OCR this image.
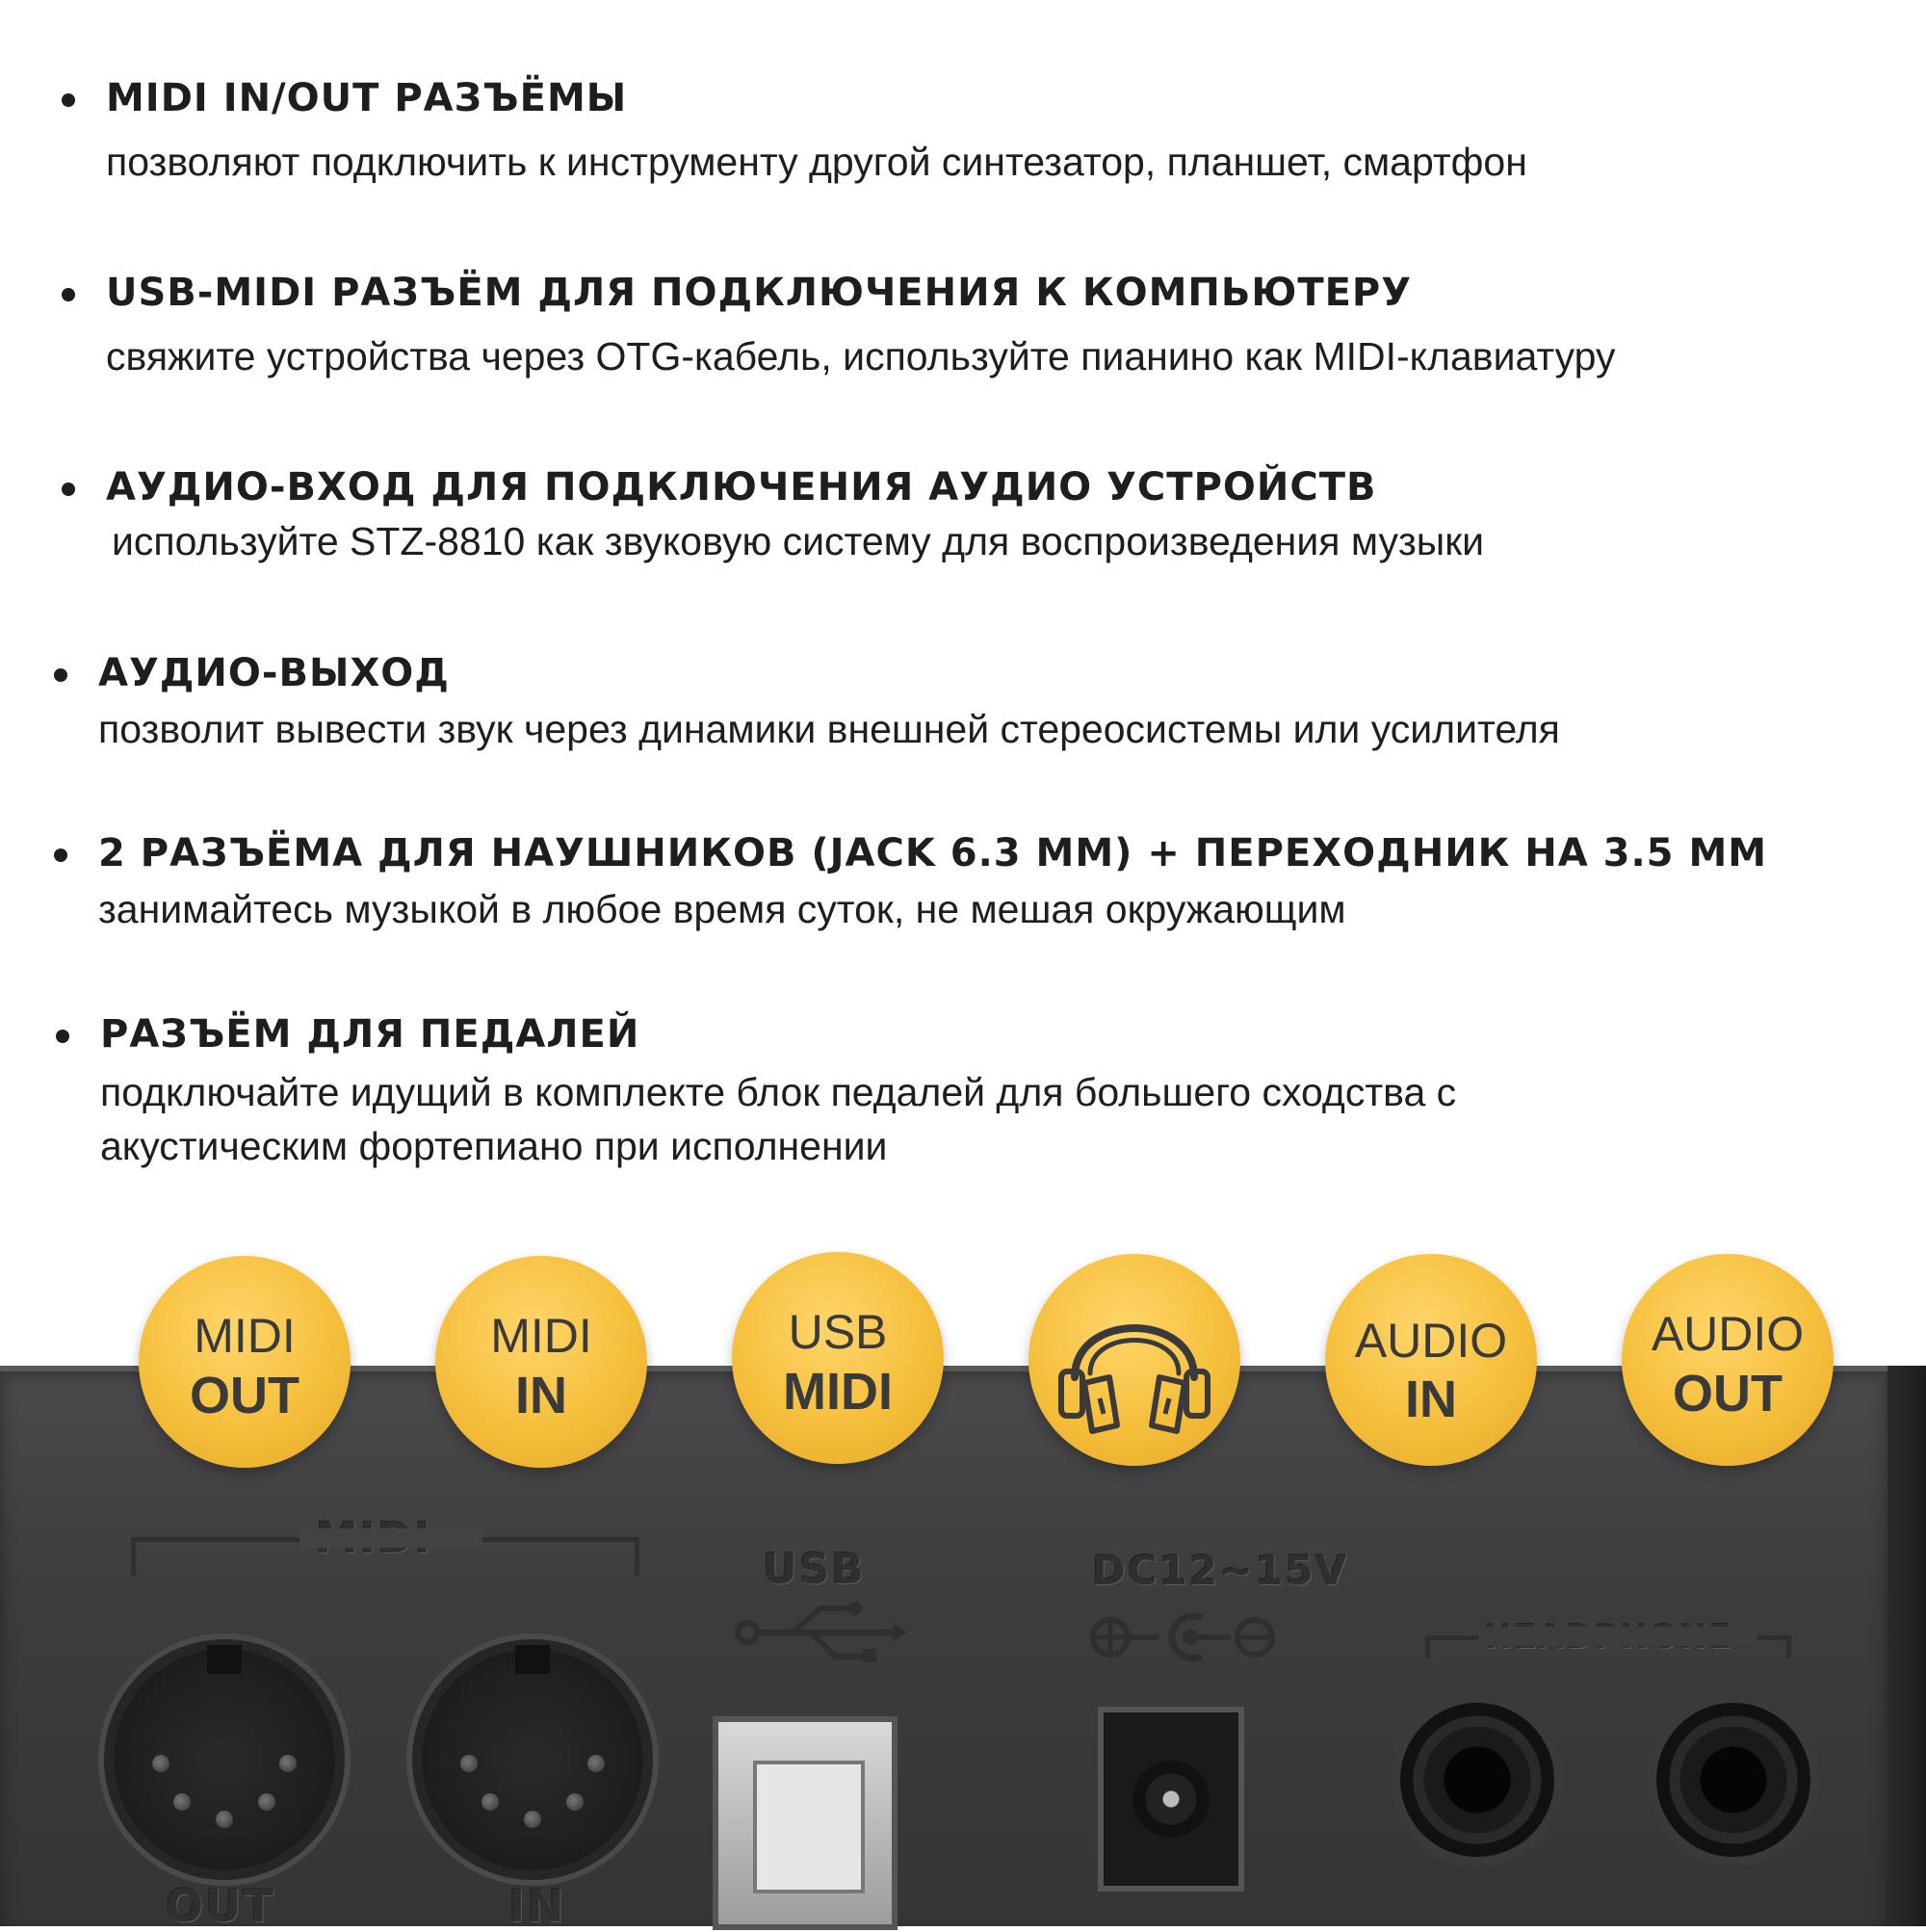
MIDI IN/OUT РАЗЪЁМЫ
позволяют подключить к инструменту другой синтезатор, планшет, смартфон
USB-MIDI РАЗЪЁМ ДЛЯ ПОДКЛЮЧЕНИЯ К КОМПЬЮТЕРУ
свяжите устройства через OTG-кабель, используйте пианино как MIDI-клавиатуру
АУДИО-ВХОД ДЛЯ ПОДКЛЮЧЕНИЯ АУДИО УСТРОЙСТВ
используйте STZ-8810 как звуковую систему для воспроизведения музыки
АУДИО-ВЫХОД
позволит вывести звук через динамики внешней стереосистемы или усилителя
2 РАЗЪЁМА ДЛЯ НАУШНИКОВ (JACK 6.3 ММ) + ПЕРЕХОДНИК НА 3.5 ММ
занимайтесь музыкой в любое время суток, не мешая окружающим
РАЗЪЁМ ДЛЯ ПЕДАЛЕЙ
подключайте идущий в комплекте блок педалей для большего сходства с
акустическим фортепиано при исполнении
USB	DC12~15V
OUT	IN
MIDI
OUT
MIDI
IN
USB
MIDI
AUDIO
IN
AUDIO
OUT
